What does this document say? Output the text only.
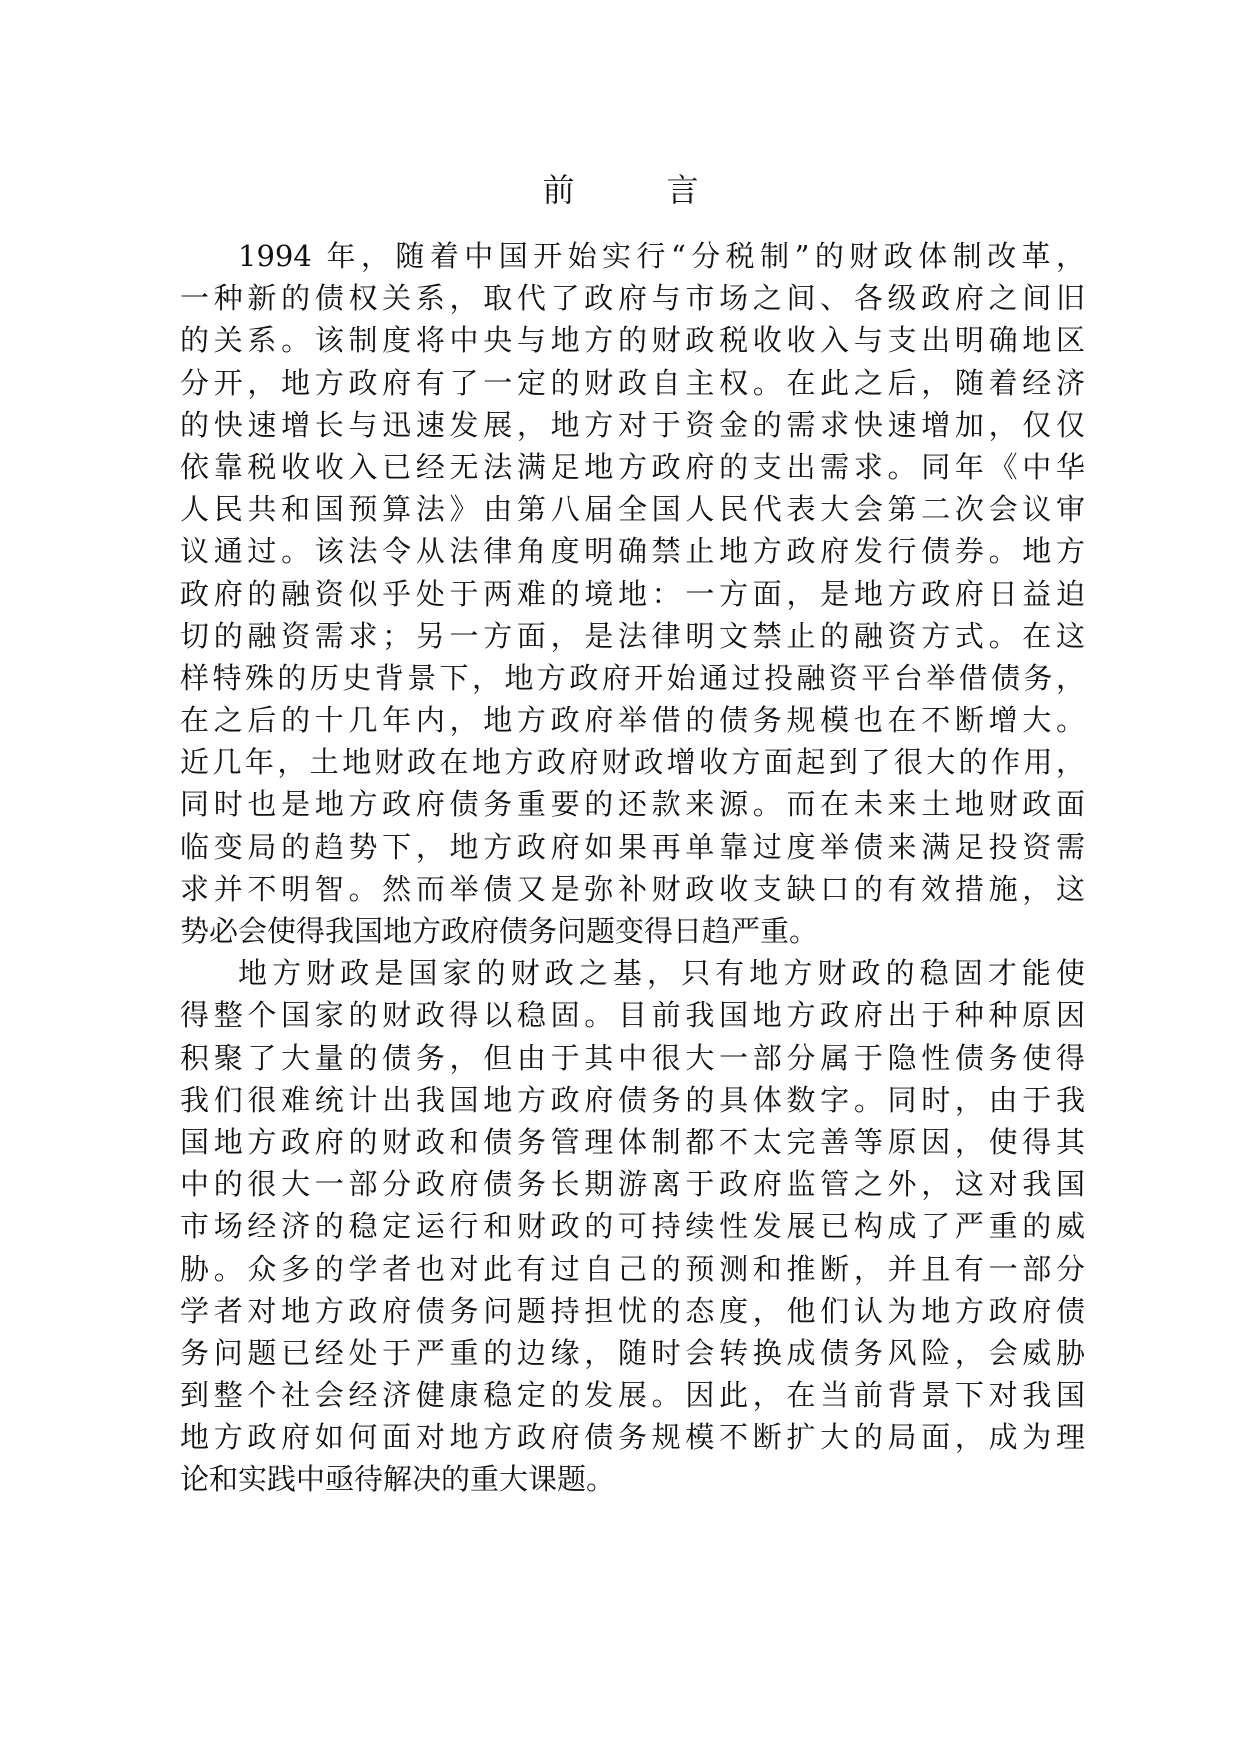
前　言

1994 年，随着中国开始实行“分税制”的财政体制改革，
一种新的债权关系，取代了政府与市场之间、各级政府之间旧
的关系。该制度将中央与地方的财政税收收入与支出明确地区
分开，地方政府有了一定的财政自主权。在此之后，随着经济
的快速增长与迅速发展，地方对于资金的需求快速增加，仅仅
依靠税收收入已经无法满足地方政府的支出需求。同年《中华
人民共和国预算法》由第八届全国人民代表大会第二次会议审
议通过。该法令从法律角度明确禁止地方政府发行债券。地方
政府的融资似乎处于两难的境地：一方面，是地方政府日益迫
切的融资需求；另一方面，是法律明文禁止的融资方式。在这
样特殊的历史背景下，地方政府开始通过投融资平台举借债务，
在之后的十几年内，地方政府举借的债务规模也在不断增大。
近几年，土地财政在地方政府财政增收方面起到了很大的作用，
同时也是地方政府债务重要的还款来源。而在未来土地财政面
临变局的趋势下，地方政府如果再单靠过度举债来满足投资需
求并不明智。然而举债又是弥补财政收支缺口的有效措施，这
势必会使得我国地方政府债务问题变得日趋严重。

地方财政是国家的财政之基，只有地方财政的稳固才能使
得整个国家的财政得以稳固。目前我国地方政府出于种种原因
积聚了大量的债务，但由于其中很大一部分属于隐性债务使得
我们很难统计出我国地方政府债务的具体数字。同时，由于我
国地方政府的财政和债务管理体制都不太完善等原因，使得其
中的很大一部分政府债务长期游离于政府监管之外，这对我国
市场经济的稳定运行和财政的可持续性发展已构成了严重的威
胁。众多的学者也对此有过自己的预测和推断，并且有一部分
学者对地方政府债务问题持担忧的态度，他们认为地方政府债
务问题已经处于严重的边缘，随时会转换成债务风险，会威胁
到整个社会经济健康稳定的发展。因此，在当前背景下对我国
地方政府如何面对地方政府债务规模不断扩大的局面，成为理
论和实践中亟待解决的重大课题。
